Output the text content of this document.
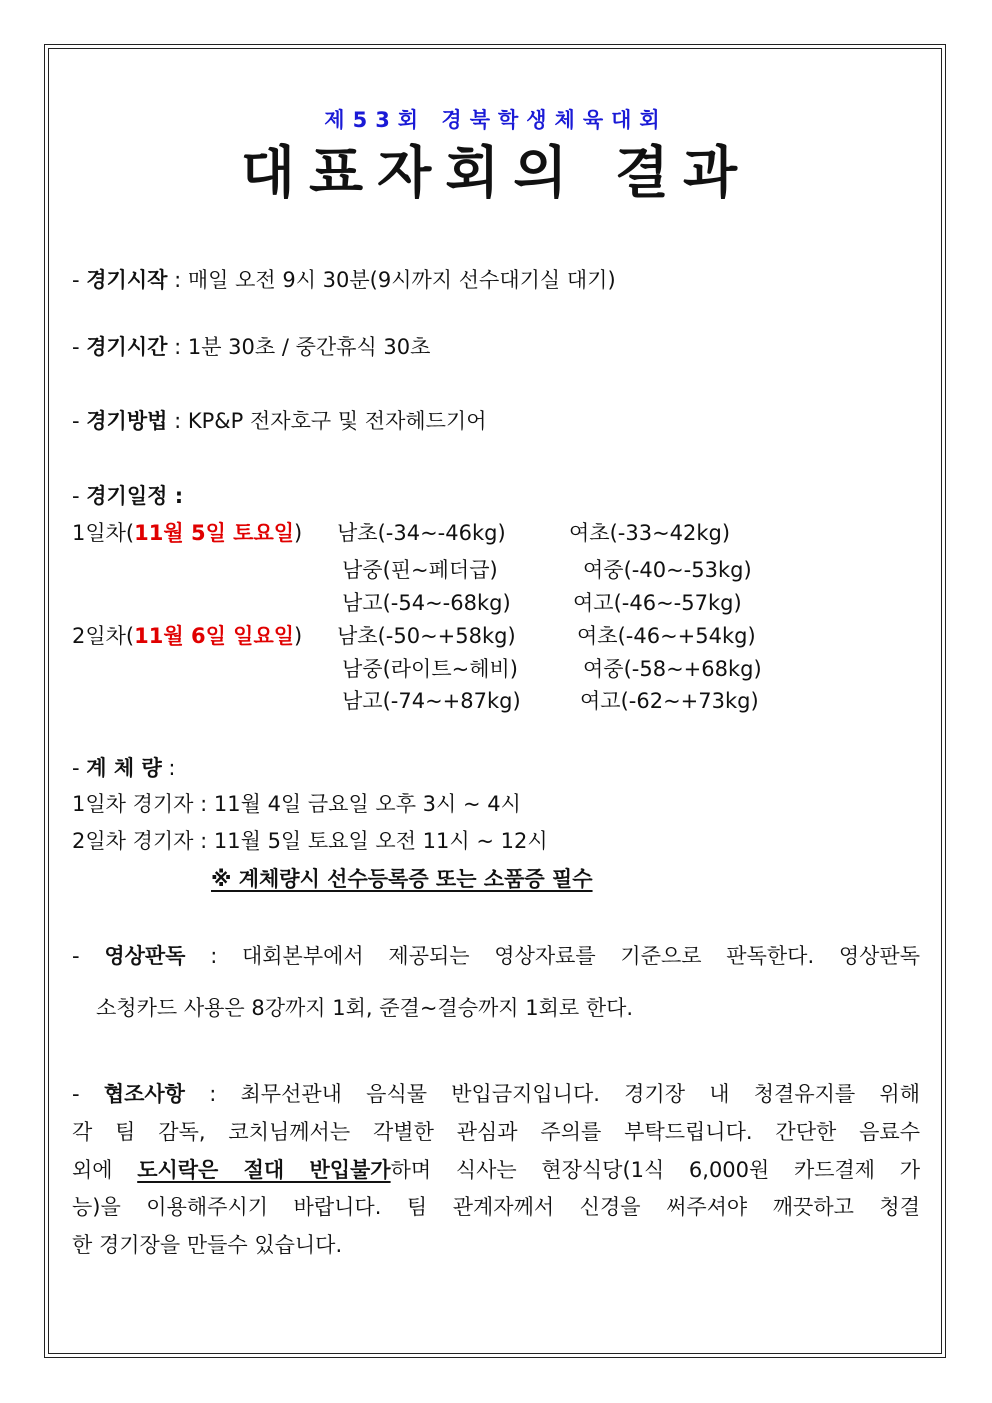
제53회 경북학생체육대회
대표자회의 결과
- 경기시작 : 매일 오전 9시 30분(9시까지 선수대기실 대기)
- 경기시간 : 1분 30초 / 중간휴식 30초
- 경기방법 : KP&P 전자호구 및 전자헤드기어
- 경기일정 :
1일차(11월 5일 토요일) 남초(-34~-46kg)	여초(-33~42kg)
남중(핀~페더급)	여중(-40~-53kg)
남고(-54~-68kg)	여고(-46~-57kg)
2일차(11월 6일 일요일) 남초(-50~+58kg)	여초(-46~+54kg)
남중(라이트~헤비)	여중(-58~+68kg)
남고(-74~+87kg)	여고(-62~+73kg)
- 계 체 량 :
1일차 경기자 : 11월 4일 금요일 오후 3시 ~ 4시
2일차 경기자 : 11월 5일 토요일 오전 11시 ~ 12시
※ 계체량시 선수등록증 또는 소품증 필수
- 영상판독 : 대회본부에서 제공되는 영상자료를 기준으로 판독한다. 영상판독
소청카드 사용은 8강까지 1회, 준결~결승까지 1회로 한다.
- 협조사항 : 최무선관내 음식물 반입금지입니다. 경기장 내 청결유지를 위해
각 팀 감독, 코치님께서는 각별한 관심과 주의를 부탁드립니다. 간단한 음료수
외에 도시락은 절대 반입불가하며 식사는 현장식당(1식 6,000원 카드결제 가
능)을 이용해주시기 바랍니다. 팀 관계자께서 신경을 써주셔야 깨끗하고 청결
한 경기장을 만들수 있습니다.
